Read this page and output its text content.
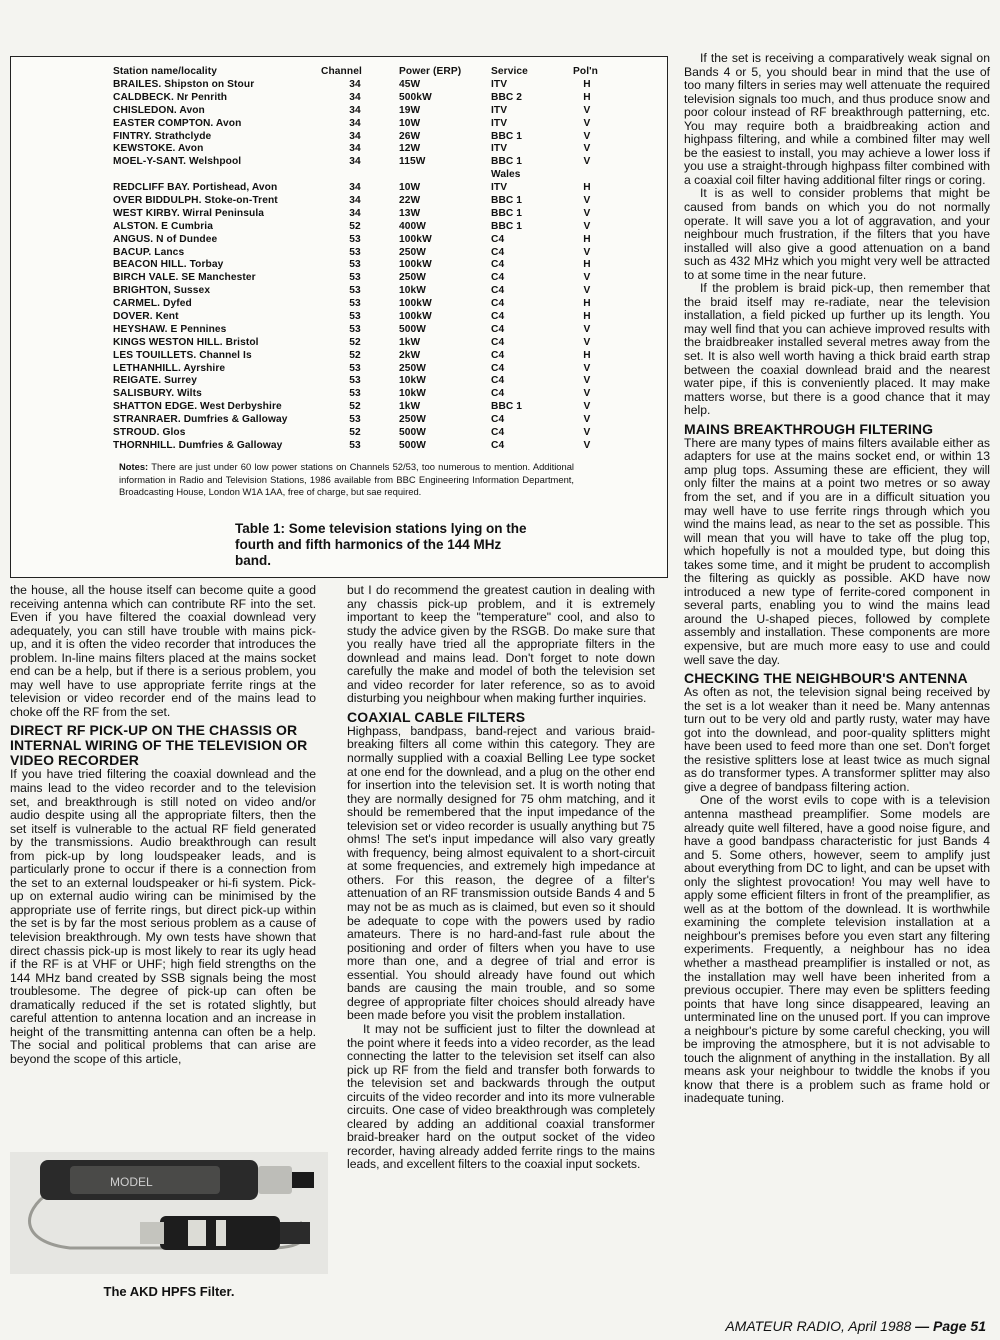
Station name/locality	Channel	Power (ERP)	Service	Pol'n
BRAILES. Shipston on Stour	34	45W	ITV	H
CALDBECK. Nr Penrith	34	500kW	BBC 2	H
CHISLEDON. Avon	34	19W	ITV	V
EASTER COMPTON. Avon	34	10W	ITV	V
FINTRY. Strathclyde	34	26W	BBC 1	V
KEWSTOKE. Avon	34	12W	ITV	V
MOEL-Y-SANT. Welshpool	34	115W	BBC 1	V
			Wales	
REDCLIFF BAY. Portishead, Avon	34	10W	ITV	H
OVER BIDDULPH. Stoke-on-Trent	34	22W	BBC 1	V
WEST KIRBY. Wirral Peninsula	34	13W	BBC 1	V
ALSTON. E Cumbria	52	400W	BBC 1	V
ANGUS. N of Dundee	53	100kW	C4	H
BACUP. Lancs	53	250W	C4	V
BEACON HILL. Torbay	53	100kW	C4	H
BIRCH VALE. SE Manchester	53	250W	C4	V
BRIGHTON, Sussex	53	10kW	C4	V
CARMEL. Dyfed	53	100kW	C4	H
DOVER. Kent	53	100kW	C4	H
HEYSHAW. E Pennines	53	500W	C4	V
KINGS WESTON HILL. Bristol	52	1kW	C4	V
LES TOUILLETS. Channel Is	52	2kW	C4	H
LETHANHILL. Ayrshire	53	250W	C4	V
REIGATE. Surrey	53	10kW	C4	V
SALISBURY. Wilts	53	10kW	C4	V
SHATTON EDGE. West Derbyshire	52	1kW	BBC 1	V
STRANRAER. Dumfries & Galloway	53	250W	C4	V
STROUD. Glos	52	500W	C4	V
THORNHILL. Dumfries & Galloway	53	500W	C4	V
Notes: There are just under 60 low power stations on Channels 52/53, too numerous to mention. Additional information in Radio and Television Stations, 1986 available from BBC Engineering Information Department, Broadcasting House, London W1A 1AA, free of charge, but sae required.
Table 1: Some television stations lying on the fourth and fifth harmonics of the 144 MHz band.

the house, all the house itself can become quite a good receiving antenna which can contribute RF into the set. Even if you have filtered the coaxial downlead very adequately, you can still have trouble with mains pick-up, and it is often the video recorder that introduces the problem. In-line mains filters placed at the mains socket end can be a help, but if there is a serious problem, you may well have to use appropriate ferrite rings at the television or video recorder end of the mains lead to choke off the RF from the set.

DIRECT RF PICK-UP ON THE CHASSIS OR INTERNAL WIRING OF THE TELEVISION OR VIDEO RECORDER

If you have tried filtering the coaxial downlead and the mains lead to the video recorder and to the television set, and breakthrough is still noted on video and/or audio despite using all the appropriate filters, then the set itself is vulnerable to the actual RF field generated by the transmissions. Audio breakthrough can result from pick-up by long loudspeaker leads, and is particularly prone to occur if there is a connection from the set to an external loudspeaker or hi-fi system. Pick-up on external audio wiring can be minimised by the appropriate use of ferrite rings, but direct pick-up within the set is by far the most serious problem as a cause of television breakthrough. My own tests have shown that direct chassis pick-up is most likely to rear its ugly head if the RF is at VHF or UHF; high field strengths on the 144 MHz band created by SSB signals being the most troublesome. The degree of pick-up can often be dramatically reduced if the set is rotated slightly, but careful attention to antenna location and an increase in height of the transmitting antenna can often be a help. The social and political problems that can arise are beyond the scope of this article,

MODEL
The AKD HPFS Filter.

but I do recommend the greatest caution in dealing with any chassis pick-up problem, and it is extremely important to keep the "temperature" cool, and also to study the advice given by the RSGB. Do make sure that you really have tried all the appropriate filters in the downlead and mains lead. Don't forget to note down carefully the make and model of both the television set and video recorder for later reference, so as to avoid disturbing you neighbour when making further inquiries.

COAXIAL CABLE FILTERS

Highpass, bandpass, band-reject and various braid-breaking filters all come within this category. They are normally supplied with a coaxial Belling Lee type socket at one end for the downlead, and a plug on the other end for insertion into the television set. It is worth noting that they are normally designed for 75 ohm matching, and it should be remembered that the input impedance of the television set or video recorder is usually anything but 75 ohms! The set's input impedance will also vary greatly with frequency, being almost equivalent to a short-circuit at some frequencies, and extremely high impedance at others. For this reason, the degree of a filter's attenuation of an RF transmission outside Bands 4 and 5 may not be as much as is claimed, but even so it should be adequate to cope with the powers used by radio amateurs. There is no hard-and-fast rule about the positioning and order of filters when you have to use more than one, and a degree of trial and error is essential. You should already have found out which bands are causing the main trouble, and so some degree of appropriate filter choices should already have been made before you visit the problem installation.

It may not be sufficient just to filter the downlead at the point where it feeds into a video recorder, as the lead connecting the latter to the television set itself can also pick up RF from the field and transfer both forwards to the television set and backwards through the output circuits of the video recorder and into its more vulnerable circuits. One case of video breakthrough was completely cleared by adding an additional coaxial transformer braid-breaker hard on the output socket of the video recorder, having already added ferrite rings to the mains leads, and excellent filters to the coaxial input sockets.

If the set is receiving a comparatively weak signal on Bands 4 or 5, you should bear in mind that the use of too many filters in series may well attenuate the required television signals too much, and thus produce snow and poor colour instead of RF breakthrough patterning, etc. You may require both a braidbreaking action and highpass filtering, and while a combined filter may well be the easiest to install, you may achieve a lower loss if you use a straight-through highpass filter combined with a coaxial coil filter having additional filter rings or coring.

It is as well to consider problems that might be caused from bands on which you do not normally operate. It will save you a lot of aggravation, and your neighbour much frustration, if the filters that you have installed will also give a good attenuation on a band such as 432 MHz which you might very well be attracted to at some time in the near future.

If the problem is braid pick-up, then remember that the braid itself may re-radiate, near the television installation, a field picked up further up its length. You may well find that you can achieve improved results with the braidbreaker installed several metres away from the set. It is also well worth having a thick braid earth strap between the coaxial downlead braid and the nearest water pipe, if this is conveniently placed. It may make matters worse, but there is a good chance that it may help.

MAINS BREAKTHROUGH FILTERING

There are many types of mains filters available either as adapters for use at the mains socket end, or within 13 amp plug tops. Assuming these are efficient, they will only filter the mains at a point two metres or so away from the set, and if you are in a difficult situation you may well have to use ferrite rings through which you wind the mains lead, as near to the set as possible. This will mean that you will have to take off the plug top, which hopefully is not a moulded type, but doing this takes some time, and it might be prudent to accomplish the filtering as quickly as possible. AKD have now introduced a new type of ferrite-cored component in several parts, enabling you to wind the mains lead around the U-shaped pieces, followed by complete assembly and installation. These components are more expensive, but are much more easy to use and could well save the day.

CHECKING THE NEIGHBOUR'S ANTENNA

As often as not, the television signal being received by the set is a lot weaker than it need be. Many antennas turn out to be very old and partly rusty, water may have got into the downlead, and poor-quality splitters might have been used to feed more than one set. Don't forget the resistive splitters lose at least twice as much signal as do transformer types. A transformer splitter may also give a degree of bandpass filtering action.

One of the worst evils to cope with is a television antenna masthead preamplifier. Some models are already quite well filtered, have a good noise figure, and have a good bandpass characteristic for just Bands 4 and 5. Some others, however, seem to amplify just about everything from DC to light, and can be upset with only the slightest provocation! You may well have to apply some efficient filters in front of the preamplifier, as well as at the bottom of the downlead. It is worthwhile examining the complete television installation at a neighbour's premises before you even start any filtering experiments. Frequently, a neighbour has no idea whether a masthead preamplifier is installed or not, as the installation may well have been inherited from a previous occupier. There may even be splitters feeding points that have long since disappeared, leaving an unterminated line on the unused port. If you can improve a neighbour's picture by some careful checking, you will be improving the atmosphere, but it is not advisable to touch the alignment of anything in the installation. By all means ask your neighbour to twiddle the knobs if you know that there is a problem such as frame hold or inadequate tuning.

AMATEUR RADIO, April 1988 — Page 51
